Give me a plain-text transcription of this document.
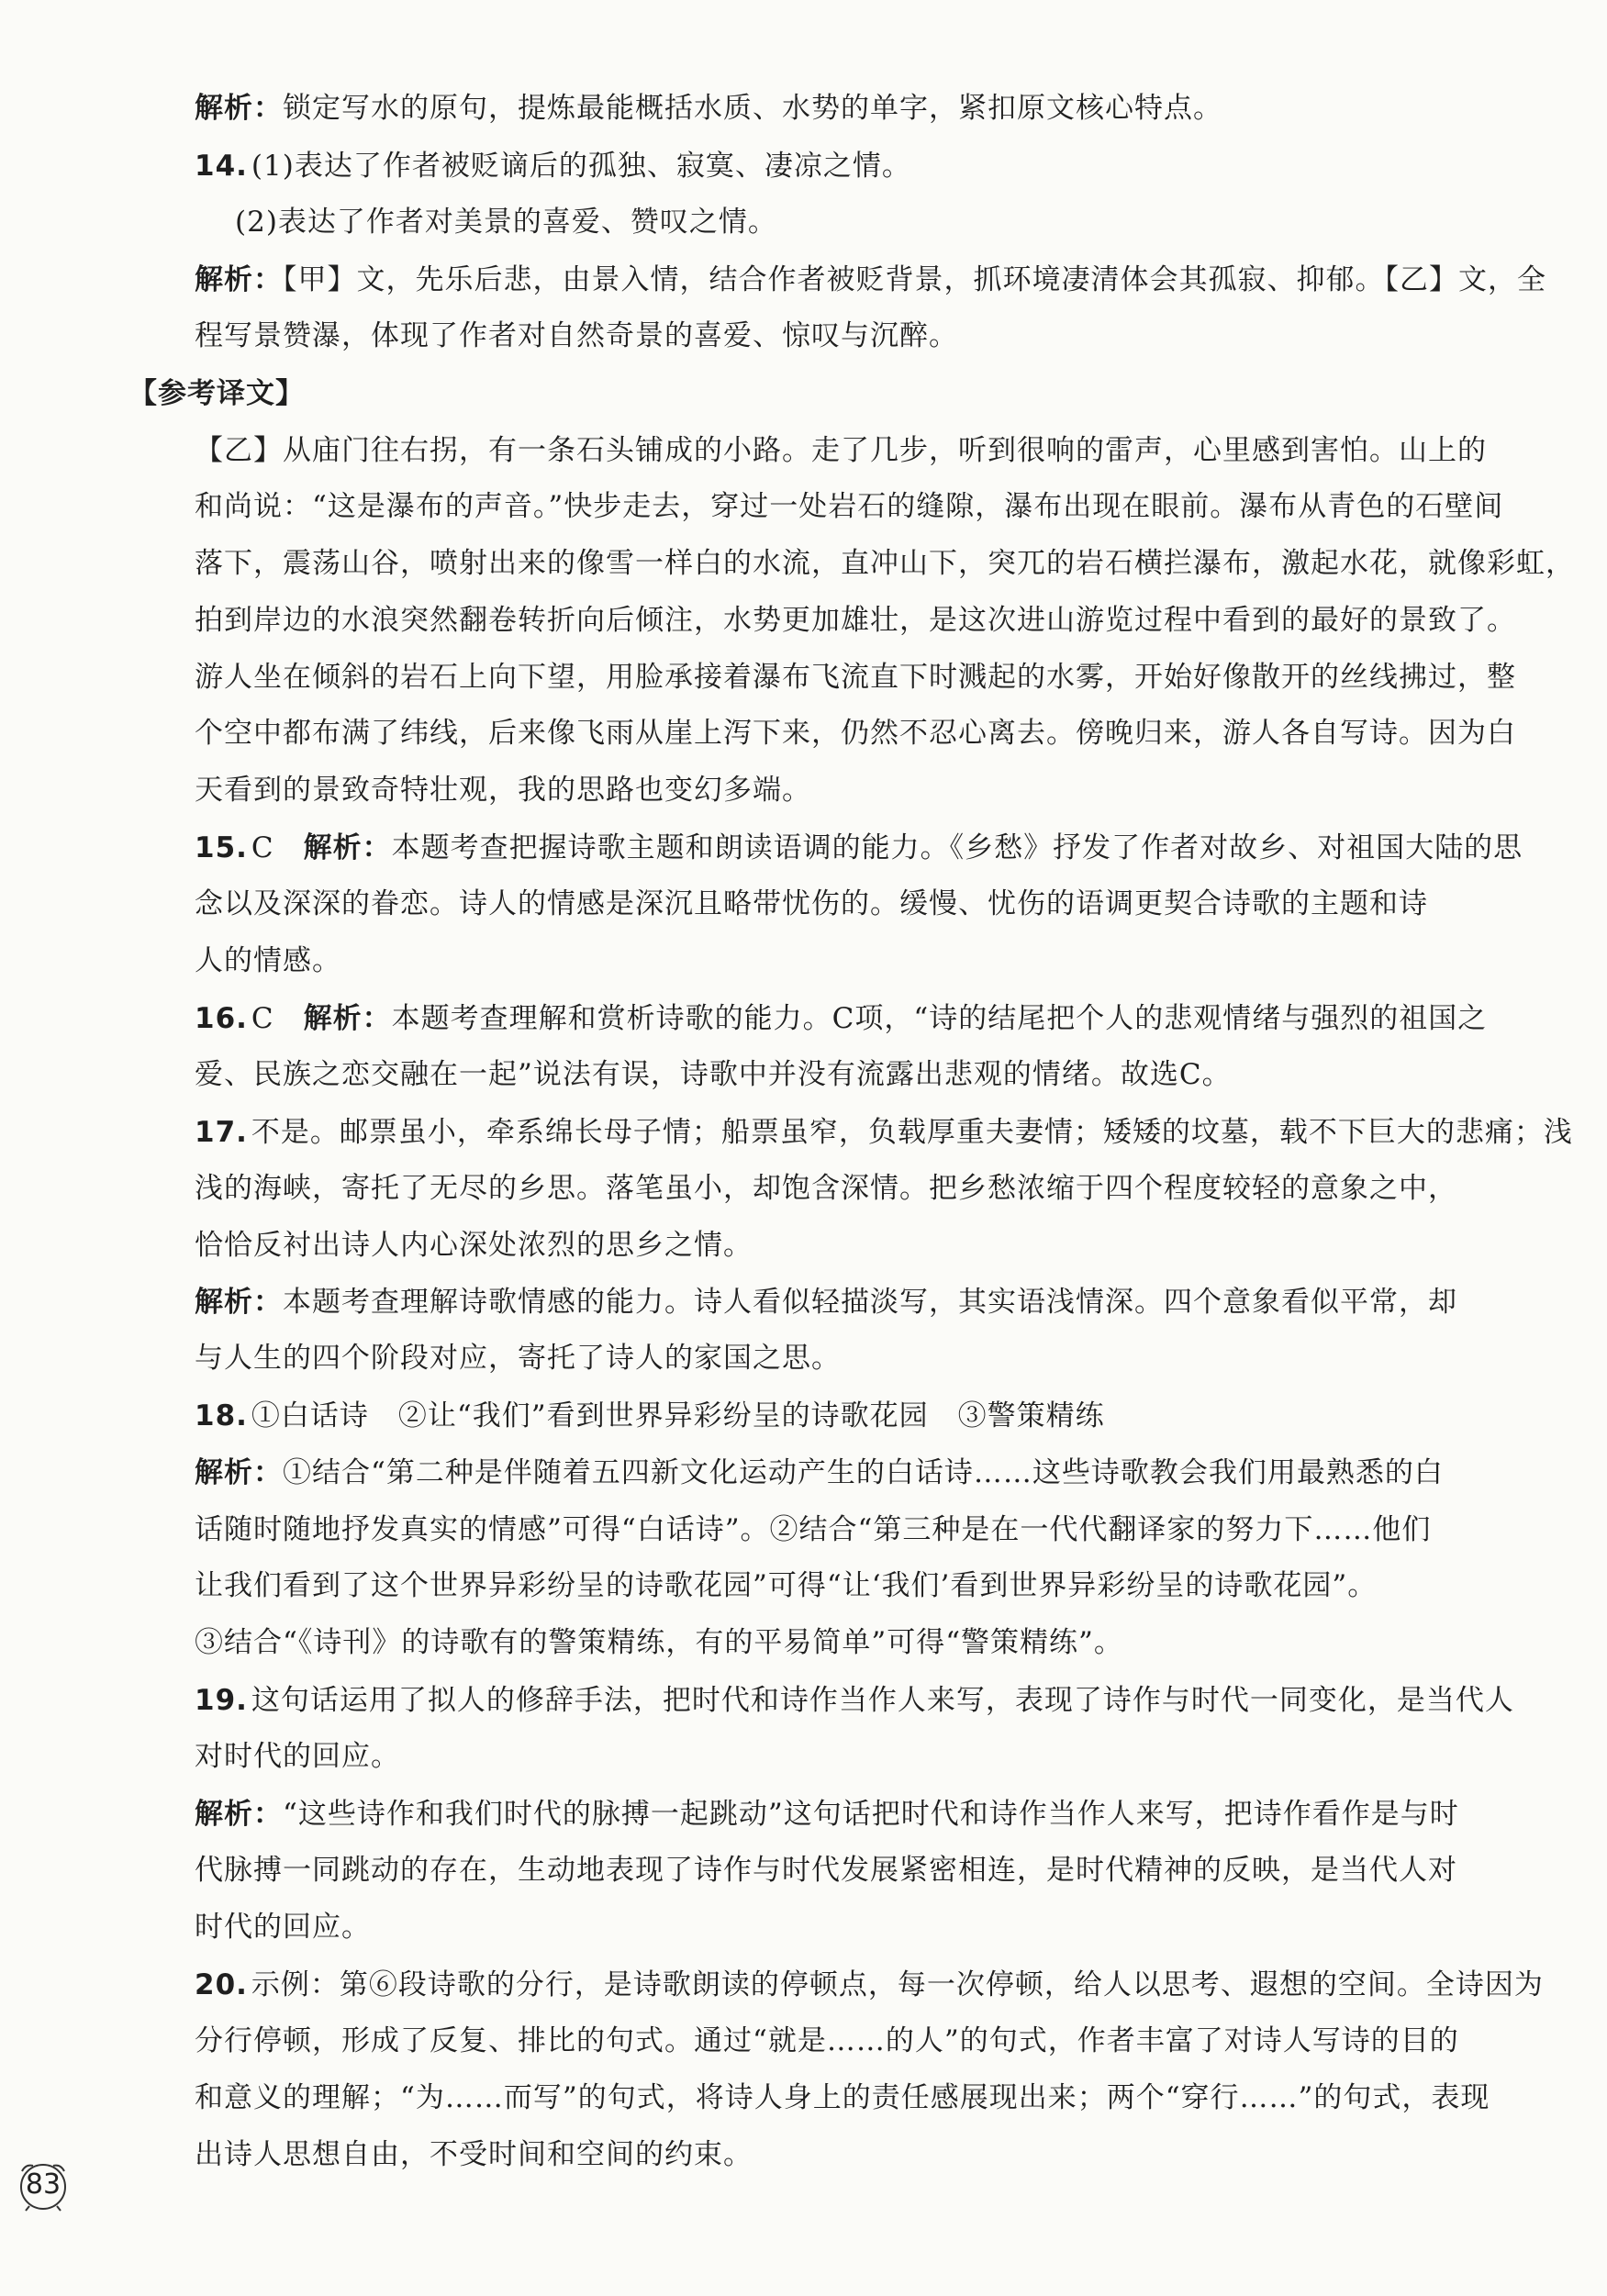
解析：锁定写水的原句，提炼最能概括水质、水势的单字，紧扣原文核心特点。
14. (1)表达了作者被贬谪后的孤独、寂寞、凄凉之情。
(2)表达了作者对美景的喜爱、赞叹之情。
解析：【甲】文，先乐后悲，由景入情，结合作者被贬背景，抓环境凄清体会其孤寂、抑郁。【乙】文，全
程写景赞瀑，体现了作者对自然奇景的喜爱、惊叹与沉醉。
【参考译文】
【乙】从庙门往右拐，有一条石头铺成的小路。走了几步，听到很响的雷声，心里感到害怕。山上的
和尚说：“这是瀑布的声音。”快步走去，穿过一处岩石的缝隙，瀑布出现在眼前。瀑布从青色的石壁间
落下，震荡山谷，喷射出来的像雪一样白的水流，直冲山下，突兀的岩石横拦瀑布，激起水花，就像彩虹，
拍到岸边的水浪突然翻卷转折向后倾注，水势更加雄壮，是这次进山游览过程中看到的最好的景致了。
游人坐在倾斜的岩石上向下望，用脸承接着瀑布飞流直下时溅起的水雾，开始好像散开的丝线拂过，整
个空中都布满了纬线，后来像飞雨从崖上泻下来，仍然不忍心离去。傍晚归来，游人各自写诗。因为白
天看到的景致奇特壮观，我的思路也变幻多端。
15. C　 解析：本题考查把握诗歌主题和朗读语调的能力。《乡愁》抒发了作者对故乡、对祖国大陆的思
念以及深深的眷恋。诗人的情感是深沉且略带忧伤的。缓慢、忧伤的语调更契合诗歌的主题和诗
人的情感。
16. C　 解析：本题考查理解和赏析诗歌的能力。C项，“诗的结尾把个人的悲观情绪与强烈的祖国之
爱、民族之恋交融在一起”说法有误，诗歌中并没有流露出悲观的情绪。故选C。
17. 不是。邮票虽小，牵系绵长母子情；船票虽窄，负载厚重夫妻情；矮矮的坟墓，载不下巨大的悲痛；浅
浅的海峡，寄托了无尽的乡思。落笔虽小，却饱含深情。把乡愁浓缩于四个程度较轻的意象之中，
恰恰反衬出诗人内心深处浓烈的思乡之情。
解析：本题考查理解诗歌情感的能力。诗人看似轻描淡写，其实语浅情深。四个意象看似平常，却
与人生的四个阶段对应，寄托了诗人的家国之思。
18. ①白话诗　②让“我们”看到世界异彩纷呈的诗歌花园　③警策精练
解析：①结合“第二种是伴随着五四新文化运动产生的白话诗……这些诗歌教会我们用最熟悉的白
话随时随地抒发真实的情感”可得“白话诗”。②结合“第三种是在一代代翻译家的努力下……他们
让我们看到了这个世界异彩纷呈的诗歌花园”可得“让‘我们’看到世界异彩纷呈的诗歌花园”。
③结合“《诗刊》的诗歌有的警策精练，有的平易简单”可得“警策精练”。
19. 这句话运用了拟人的修辞手法，把时代和诗作当作人来写，表现了诗作与时代一同变化，是当代人
对时代的回应。
解析：“这些诗作和我们时代的脉搏一起跳动”这句话把时代和诗作当作人来写，把诗作看作是与时
代脉搏一同跳动的存在，生动地表现了诗作与时代发展紧密相连，是时代精神的反映，是当代人对
时代的回应。
20. 示例：第⑥段诗歌的分行，是诗歌朗读的停顿点，每一次停顿，给人以思考、遐想的空间。全诗因为
分行停顿，形成了反复、排比的句式。通过“就是……的人”的句式，作者丰富了对诗人写诗的目的
和意义的理解；“为……而写”的句式，将诗人身上的责任感展现出来；两个“穿行……”的句式，表现
出诗人思想自由，不受时间和空间的约束。
83
